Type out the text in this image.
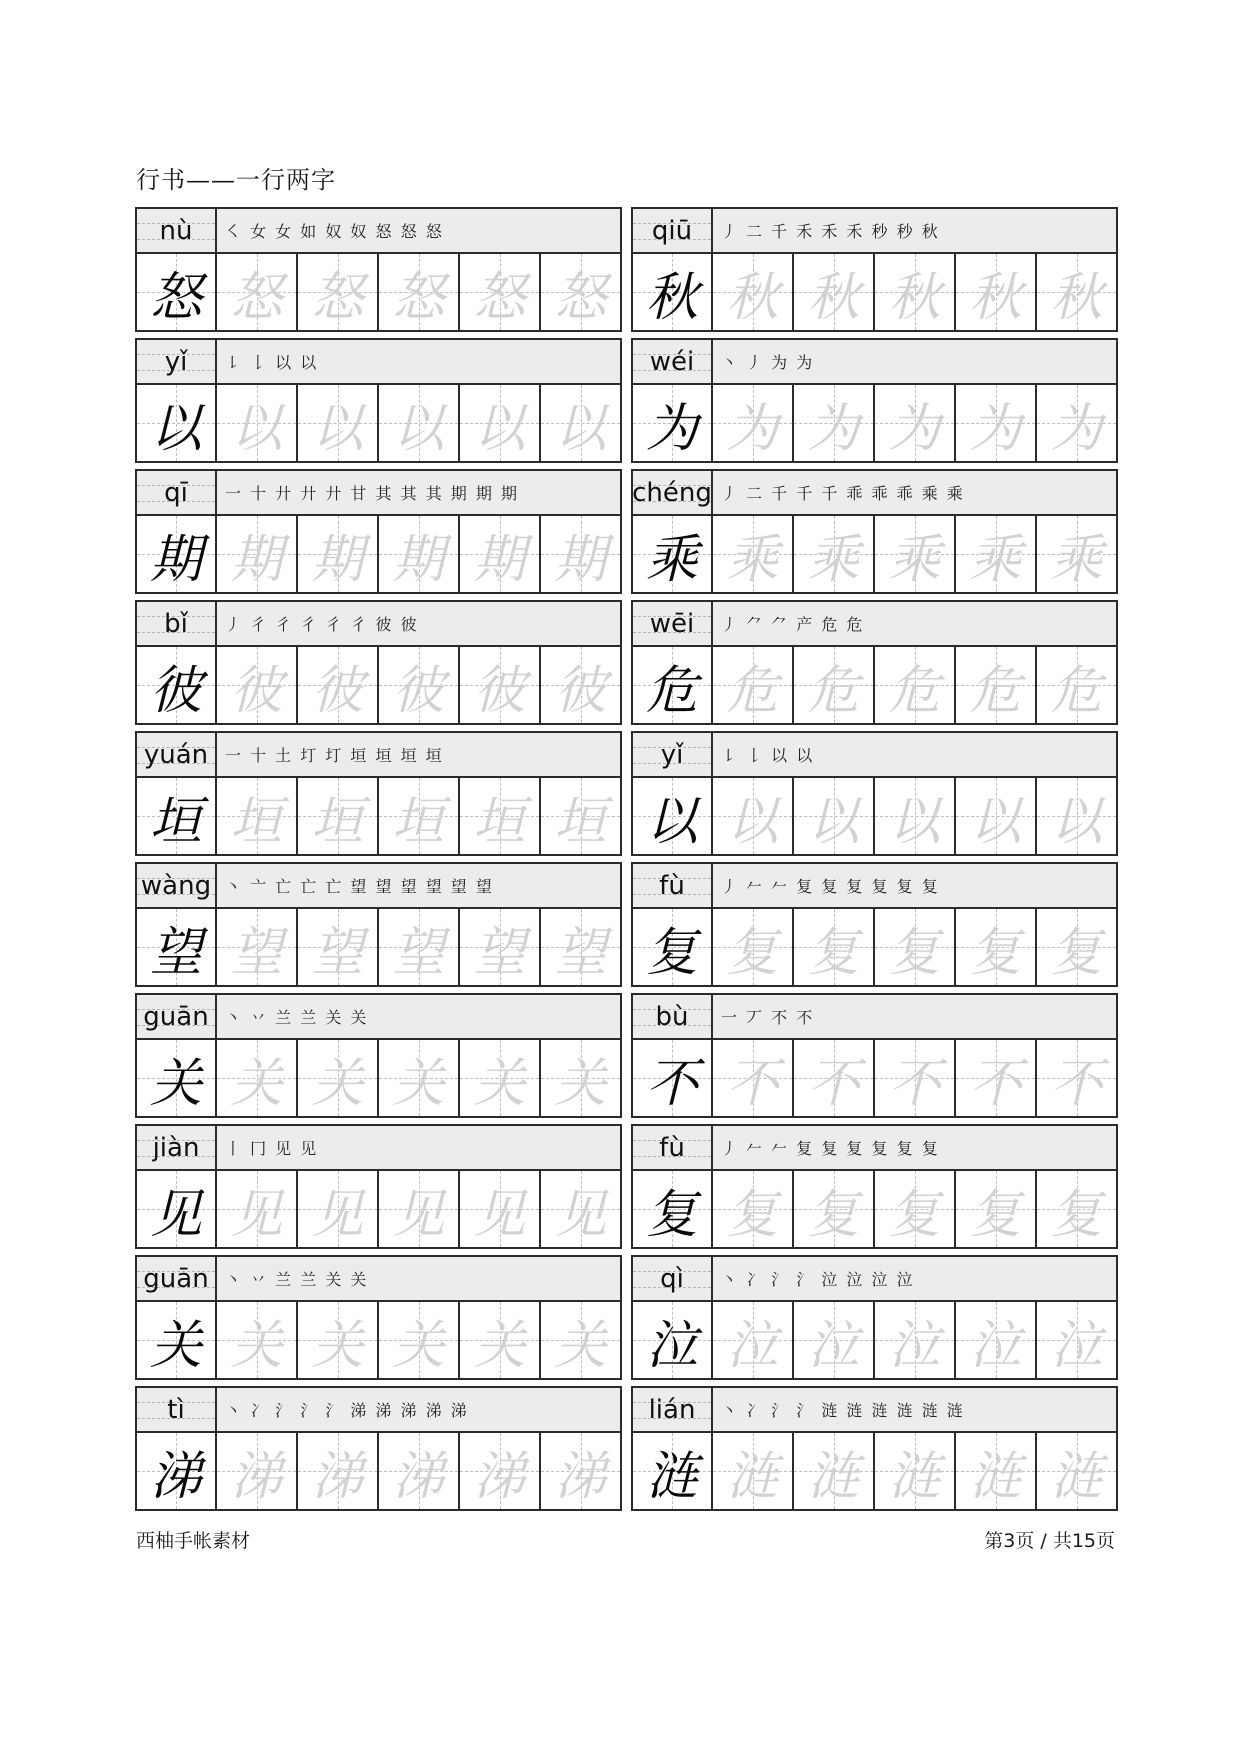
行书——一行两字
nù	㇛ 女 女 如 奴 奴 怒 怒 怒
怒 怒 怒 怒 怒 怒
qiū	丿 二 千 禾 禾 禾 秒 秒 秋
秋 秋 秋 秋 秋 秋
yǐ	㇙ 𠄌 以 以
以 以 以 以 以 以
wéi	丶 丿 为 为
为 为 为 为 为 为
qī	一 十 廾 廾 廾 甘 其 其 其 期 期 期
期 期 期 期 期 期
chéng 丿 二 千 千 千 乖 乖 乖 乘 乘
乘 乘 乘 乘 乘 乘
bǐ	丿 彳 彳 彳 彳 彳 彼 彼
彼 彼 彼 彼 彼 彼
wēi	丿 ⺈ ⺈ 产 危 危
危 危 危 危 危 危
yuán	一 十 土 圢 圢 垣 垣 垣 垣
垣 垣 垣 垣 垣 垣
yǐ	㇙ 𠄌 以 以
以 以 以 以 以 以
wàng 丶 亠 亡 亡 亡 望 望 望 望 望 望
望 望 望 望 望 望
fù	丿 𠂉 𠂉 复 复 复 复 复 复
复 复 复 复 复 复
guān	丶 丷 兰 兰 关 关
关 关 关 关 关 关
bù	一 丆 不 不
不 不 不 不 不 不
jiàn	丨 冂 见 见
见 见 见 见 见 见
fù	丿 𠂉 𠂉 复 复 复 复 复 复
复 复 复 复 复 复
guān	丶 丷 兰 兰 关 关
关 关 关 关 关 关
qì	丶 冫 氵 氵 泣 泣 泣 泣
泣 泣 泣 泣 泣 泣
tì	丶 冫 氵 氵 氵 涕 涕 涕 涕 涕
涕 涕 涕 涕 涕 涕
lián	丶 冫 氵 氵 涟 涟 涟 涟 涟 涟
涟 涟 涟 涟 涟 涟
西柚手帐素材	第3页 / 共15页
